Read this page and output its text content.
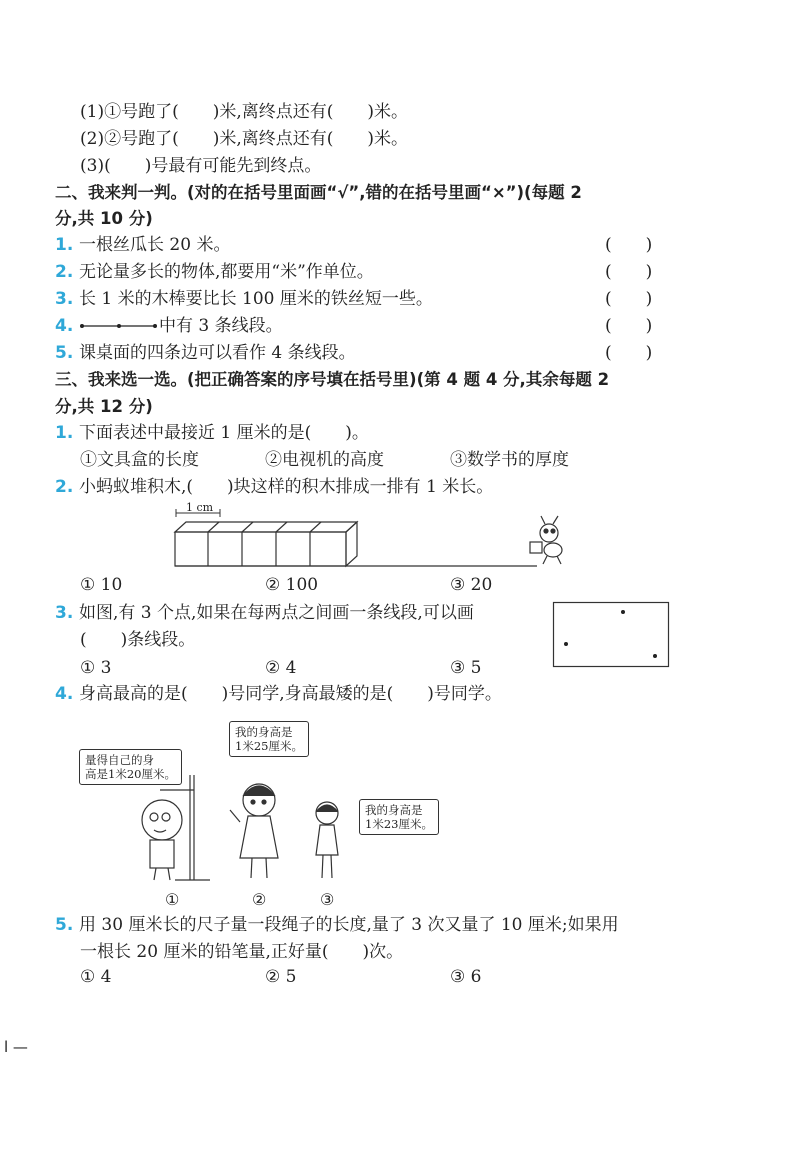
(1)①号跑了(　　)米,离终点还有(　　)米。
(2)②号跑了(　　)米,离终点还有(　　)米。
(3)(　　)号最有可能先到终点。
二、我来判一判。(对的在括号里面画“√”,错的在括号里画“×”)(每题 2
分,共 10 分)
1. 一根丝瓜长 20 米。	(　　)
2. 无论量多长的物体,都要用“米”作单位。	(　　)
3. 长 1 米的木棒要比长 100 厘米的铁丝短一些。	(　　)
4.	中有 3 条线段。	(　　)
5. 课桌面的四条边可以看作 4 条线段。	(　　)
三、我来选一选。(把正确答案的序号填在括号里)(第 4 题 4 分,其余每题 2
分,共 12 分)
1. 下面表述中最接近 1 厘米的是(　　)。
①文具盒的长度	②电视机的高度	③数学书的厚度
2. 小蚂蚁堆积木,(　　)块这样的积木排成一排有 1 米长。
1 cm
① 10	② 100	③ 20
3. 如图,有 3 个点,如果在每两点之间画一条线段,可以画
(　　)条线段。
① 3	② 4	③ 5
4. 身高最高的是(　　)号同学,身高最矮的是(　　)号同学。
量得自己的身
高是1米20厘米。
我的身高是
1米25厘米。
我的身高是
1米23厘米。
①	②	③
5. 用 30 厘米长的尺子量一段绳子的长度,量了 3 次又量了 10 厘米;如果用
一根长 20 厘米的铅笔量,正好量(　　)次。
① 4	② 5	③ 6
l —
